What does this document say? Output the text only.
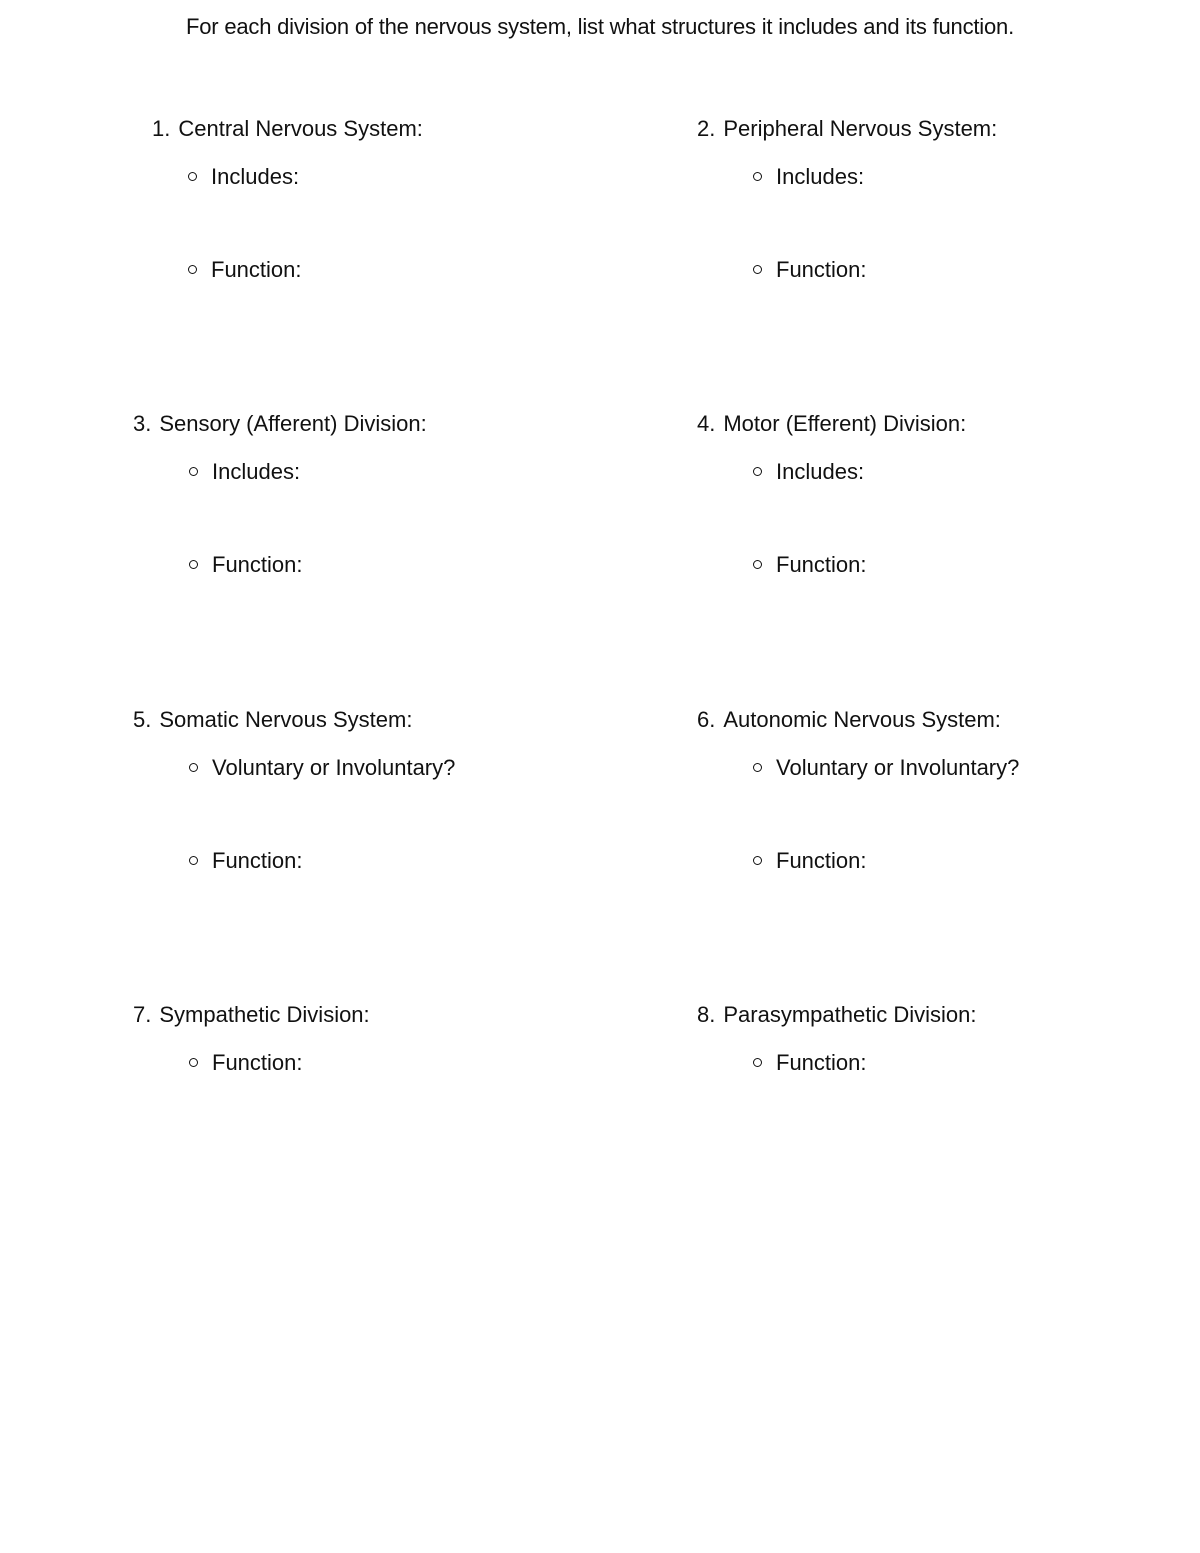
For each division of the nervous system, list what structures it includes and its function.
1. Central Nervous System:
Includes:
Function:
2. Peripheral Nervous System:
Includes:
Function:
3. Sensory (Afferent) Division:
Includes:
Function:
4. Motor (Efferent) Division:
Includes:
Function:
5. Somatic Nervous System:
Voluntary or Involuntary?
Function:
6. Autonomic Nervous System:
Voluntary or Involuntary?
Function:
7. Sympathetic Division:
Function:
8. Parasympathetic Division:
Function:
